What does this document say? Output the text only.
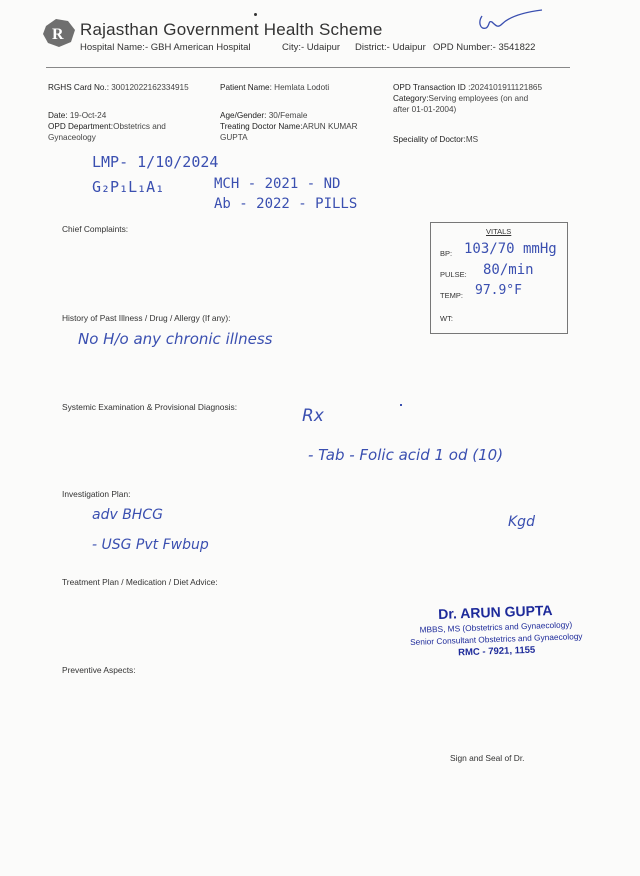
R Rajasthan Government Health Scheme
Hospital Name:- GBH American Hospital	City:- Udaipur District:- Udaipur OPD Number:- 3541822
RGHS Card No.: 30012022162334915	Patient Name: Hemlata Lodoti	OPD Transaction ID :2024101911121865
Category:Serving employees (on and
after 01-01-2004)
Date: 19-Oct-24
OPD Department:Obstetrics and
Gynaceology
Age/Gender: 30/Female
Treating Doctor Name:ARUN KUMAR
GUPTA	Speciality of Doctor:MS
LMP- 1/10/2024
G₂P₁L₁A₁	MCH - 2021 - ND
Ab - 2022 - PILLS
Chief Complaints:	VITALS
BP: 103/70 mmHg
PULSE: 80/min
TEMP: 97.9°F
WT:
History of Past Illness / Drug / Allergy (If any):
No H/o any chronic illness
Systemic Examination & Provisional Diagnosis:	Rx
- Tab - Folic acid 1 od (10)
Investigation Plan:
adv BHCG
- USG Pvt Fwbup
Kgd
Treatment Plan / Medication / Diet Advice:
Dr. ARUN GUPTA
MBBS, MS (Obstetrics and Gynaecology)
Senior Consultant Obstetrics and Gynaecology
RMC - 7921, 1155
Preventive Aspects:
Sign and Seal of Dr.
